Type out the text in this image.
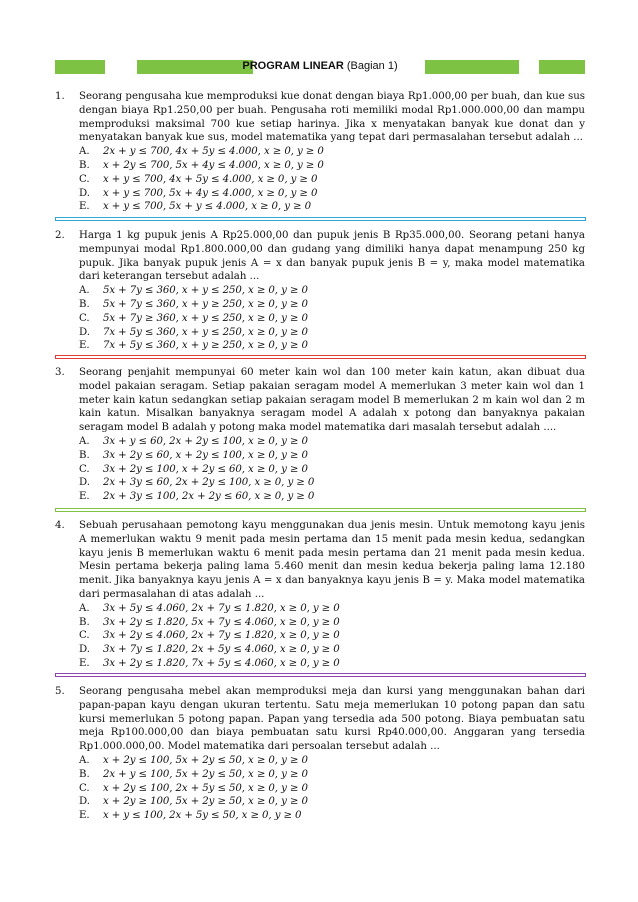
PROGRAM LINEAR (Bagian 1)
1.	Seorang pengusaha kue memproduksi kue donat dengan biaya Rp1.000,00 per buah, dan kue sus dengan biaya Rp1.250,00 per buah. Pengusaha roti memiliki modal Rp1.000.000,00 dan mampu memproduksi maksimal 700 kue setiap harinya. Jika x menyatakan banyak kue donat dan y menyatakan banyak kue sus, model matematika yang tepat dari permasalahan tersebut adalah ...
A.	2x + y ≤ 700, 4x + 5y ≤ 4.000, x ≥ 0, y ≥ 0
B.	x + 2y ≤ 700, 5x + 4y ≤ 4.000, x ≥ 0, y ≥ 0
C.	x + y ≤ 700, 4x + 5y ≤ 4.000, x ≥ 0, y ≥ 0
D.	x + y ≤ 700, 5x + 4y ≤ 4.000, x ≥ 0, y ≥ 0
E.	x + y ≤ 700, 5x + y ≤ 4.000, x ≥ 0, y ≥ 0
2.	Harga 1 kg pupuk jenis A Rp25.000,00 dan pupuk jenis B Rp35.000,00. Seorang petani hanya mempunyai modal Rp1.800.000,00 dan gudang yang dimiliki hanya dapat menampung 250 kg pupuk. Jika banyak pupuk jenis A = x dan banyak pupuk jenis B = y, maka model matematika dari keterangan tersebut adalah ...
A.	5x + 7y ≤ 360, x + y ≤ 250, x ≥ 0, y ≥ 0
B.	5x + 7y ≤ 360, x + y ≥ 250, x ≥ 0, y ≥ 0
C.	5x + 7y ≥ 360, x + y ≤ 250, x ≥ 0, y ≥ 0
D.	7x + 5y ≤ 360, x + y ≤ 250, x ≥ 0, y ≥ 0
E.	7x + 5y ≤ 360, x + y ≥ 250, x ≥ 0, y ≥ 0
3.	Seorang penjahit mempunyai 60 meter kain wol dan 100 meter kain katun, akan dibuat dua model pakaian seragam. Setiap pakaian seragam model A memerlukan 3 meter kain wol dan 1 meter kain katun sedangkan setiap pakaian seragam model B memerlukan 2 m kain wol dan 2 m kain katun. Misalkan banyaknya seragam model A adalah x potong dan banyaknya pakaian seragam model B adalah y potong maka model matematika dari masalah tersebut adalah ....
A.	3x + y ≤ 60, 2x + 2y ≤ 100, x ≥ 0, y ≥ 0
B.	3x + 2y ≤ 60, x + 2y ≤ 100, x ≥ 0, y ≥ 0
C.	3x + 2y ≤ 100, x + 2y ≤ 60, x ≥ 0, y ≥ 0
D.	2x + 3y ≤ 60, 2x + 2y ≤ 100, x ≥ 0, y ≥ 0
E.	2x + 3y ≤ 100, 2x + 2y ≤ 60, x ≥ 0, y ≥ 0
4.	Sebuah perusahaan pemotong kayu menggunakan dua jenis mesin. Untuk memotong kayu jenis A memerlukan waktu 9 menit pada mesin pertama dan 15 menit pada mesin kedua, sedangkan kayu jenis B memerlukan waktu 6 menit pada mesin pertama dan 21 menit pada mesin kedua. Mesin pertama bekerja paling lama 5.460 menit dan mesin kedua bekerja paling lama 12.180 menit. Jika banyaknya kayu jenis A = x dan banyaknya kayu jenis B = y. Maka model matematika dari permasalahan di atas adalah ...
A.	3x + 5y ≤ 4.060, 2x + 7y ≤ 1.820, x ≥ 0, y ≥ 0
B.	3x + 2y ≤ 1.820, 5x + 7y ≤ 4.060, x ≥ 0, y ≥ 0
C.	3x + 2y ≤ 4.060, 2x + 7y ≤ 1.820, x ≥ 0, y ≥ 0
D.	3x + 7y ≤ 1.820, 2x + 5y ≤ 4.060, x ≥ 0, y ≥ 0
E.	3x + 2y ≤ 1.820, 7x + 5y ≤ 4.060, x ≥ 0, y ≥ 0
5.	Seorang pengusaha mebel akan memproduksi meja dan kursi yang menggunakan bahan dari papan-papan kayu dengan ukuran tertentu. Satu meja memerlukan 10 potong papan dan satu kursi memerlukan 5 potong papan. Papan yang tersedia ada 500 potong. Biaya pembuatan satu meja Rp100.000,00 dan biaya pembuatan satu kursi Rp40.000,00. Anggaran yang tersedia Rp1.000.000,00. Model matematika dari persoalan tersebut adalah ...
A.	x + 2y ≤ 100, 5x + 2y ≤ 50, x ≥ 0, y ≥ 0
B.	2x + y ≤ 100, 5x + 2y ≤ 50, x ≥ 0, y ≥ 0
C.	x + 2y ≤ 100, 2x + 5y ≤ 50, x ≥ 0, y ≥ 0
D.	x + 2y ≥ 100, 5x + 2y ≥ 50, x ≥ 0, y ≥ 0
E.	x + y ≤ 100, 2x + 5y ≤ 50, x ≥ 0, y ≥ 0
